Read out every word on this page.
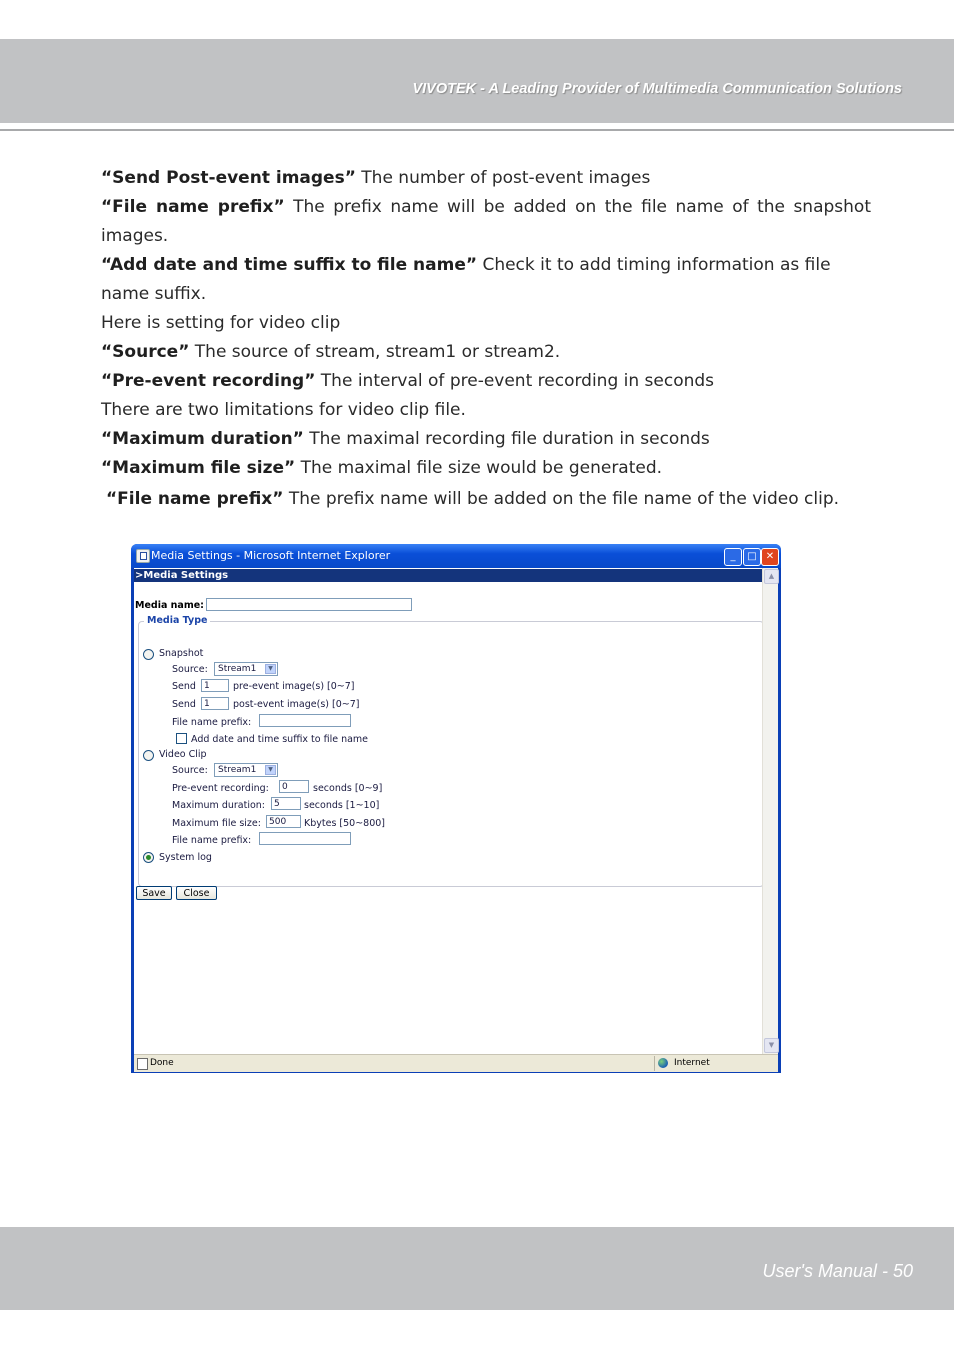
VIVOTEK - A Leading Provider of Multimedia Communication Solutions

“Send Post-event images” The number of post-event images

“File name prefix” The prefix name will be added on the file name of the snapshot images.

“Add date and time suffix to file name” Check it to add timing information as file name suffix.

Here is setting for video clip

“Source” The source of stream, stream1 or stream2.

“Pre-event recording” The interval of pre-event recording in seconds

There are two limitations for video clip file.

“Maximum duration” The maximal recording file duration in seconds

“Maximum file size” The maximal file size would be generated.

“File name prefix” The prefix name will be added on the file name of the video clip.

Media Settings - Microsoft Internet Explorer	_	□ ✕
>Media Settings
Media name:
Media Type
Snapshot
Source:	Stream1	▼
Send 1	pre-event image(s) [0~7]
Send 1	post-event image(s) [0~7]
File name prefix:
Add date and time suffix to file name
Video Clip
Source:	Stream1	▼
Pre-event recording:	0	seconds [0~9]
Maximum duration: 5	seconds [1~10]
Maximum file size: 500	Kbytes [50~800]
File name prefix:
System log
Save	Close
▲
▼
Done	Internet
User's Manual - 50
